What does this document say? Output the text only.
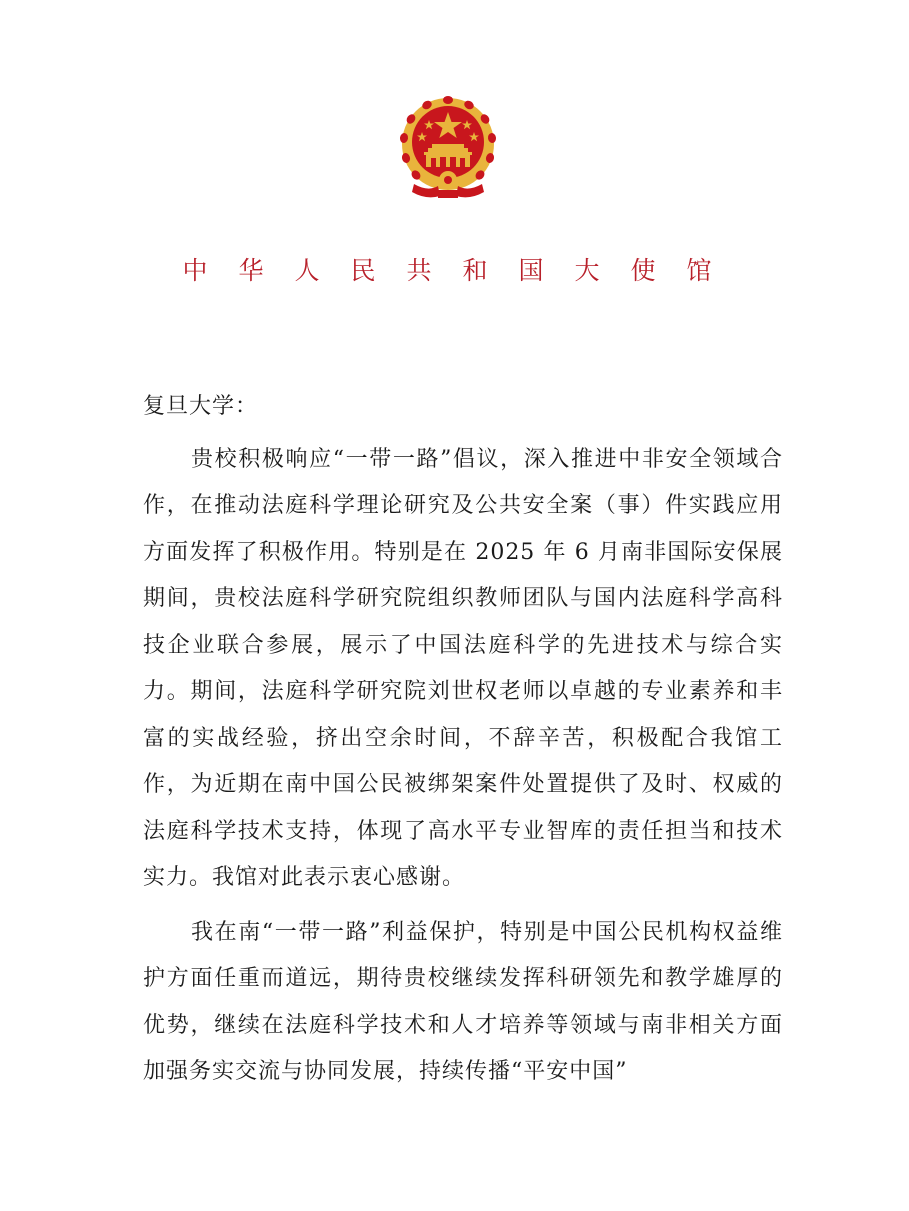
中华人民共和国大使馆

复旦大学：

贵校积极响应“一带一路”倡议，深入推进中非安全领域合作，在推动法庭科学理论研究及公共安全案（事）件实践应用方面发挥了积极作用。特别是在 2025 年 6 月南非国际安保展期间，贵校法庭科学研究院组织教师团队与国内法庭科学高科技企业联合参展，展示了中国法庭科学的先进技术与综合实力。期间，法庭科学研究院刘世权老师以卓越的专业素养和丰富的实战经验，挤出空余时间，不辞辛苦，积极配合我馆工作，为近期在南中国公民被绑架案件处置提供了及时、权威的法庭科学技术支持，体现了高水平专业智库的责任担当和技术实力。我馆对此表示衷心感谢。

我在南“一带一路”利益保护，特别是中国公民机构权益维护方面任重而道远，期待贵校继续发挥科研领先和教学雄厚的优势，继续在法庭科学技术和人才培养等领域与南非相关方面加强务实交流与协同发展，持续传播“平安中国”
